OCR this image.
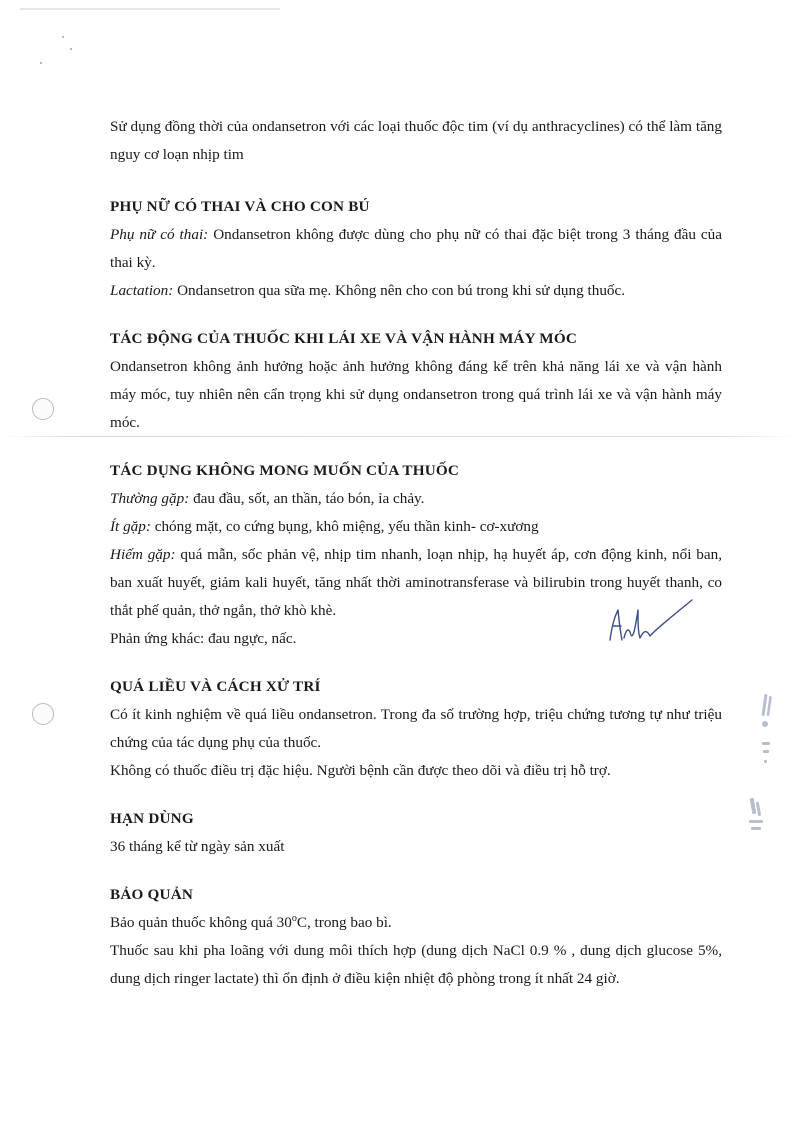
Sử dụng đồng thời của ondansetron với các loại thuốc độc tim (ví dụ anthracyclines) có thể làm tăng nguy cơ loạn nhịp tim

PHỤ NỮ CÓ THAI VÀ CHO CON BÚ

Phụ nữ có thai: Ondansetron không được dùng cho phụ nữ có thai đặc biệt trong 3 tháng đầu của thai kỳ.

Lactation: Ondansetron qua sữa mẹ. Không nên cho con bú trong khi sử dụng thuốc.

TÁC ĐỘNG CỦA THUỐC KHI LÁI XE VÀ VẬN HÀNH MÁY MÓC

Ondansetron không ảnh hưởng hoặc ảnh hưởng không đáng kể trên khả năng lái xe và vận hành máy móc, tuy nhiên nên cẩn trọng khi sử dụng ondansetron trong quá trình lái xe và vận hành máy móc.

TÁC DỤNG KHÔNG MONG MUỐN CỦA THUỐC

Thường gặp: đau đầu, sốt, an thần, táo bón, ỉa chảy.

Ít gặp: chóng mặt, co cứng bụng, khô miệng, yếu thần kinh- cơ-xương

Hiếm gặp: quá mẫn, sốc phản vệ, nhịp tim nhanh, loạn nhịp, hạ huyết áp, cơn động kinh, nổi ban, ban xuất huyết, giảm kali huyết, tăng nhất thời aminotransferase và bilirubin trong huyết thanh, co thắt phế quản, thở ngắn, thở khò khè.

Phản ứng khác: đau ngực, nấc.

QUÁ LIỀU VÀ CÁCH XỬ TRÍ

Có ít kinh nghiệm về quá liều ondansetron. Trong đa số trường hợp, triệu chứng tương tự như triệu chứng của tác dụng phụ của thuốc.

Không có thuốc điều trị đặc hiệu. Người bệnh cần được theo dõi và điều trị hỗ trợ.

HẠN DÙNG

36 tháng kể từ ngày sản xuất

BẢO QUẢN

Bảo quản thuốc không quá 30$^o$C, trong bao bì.

Thuốc sau khi pha loãng với dung môi thích hợp (dung dịch NaCl 0.9 % , dung dịch glucose 5%, dung dịch ringer lactate) thì ổn định ở điều kiện nhiệt độ phòng trong ít nhất 24 giờ.
